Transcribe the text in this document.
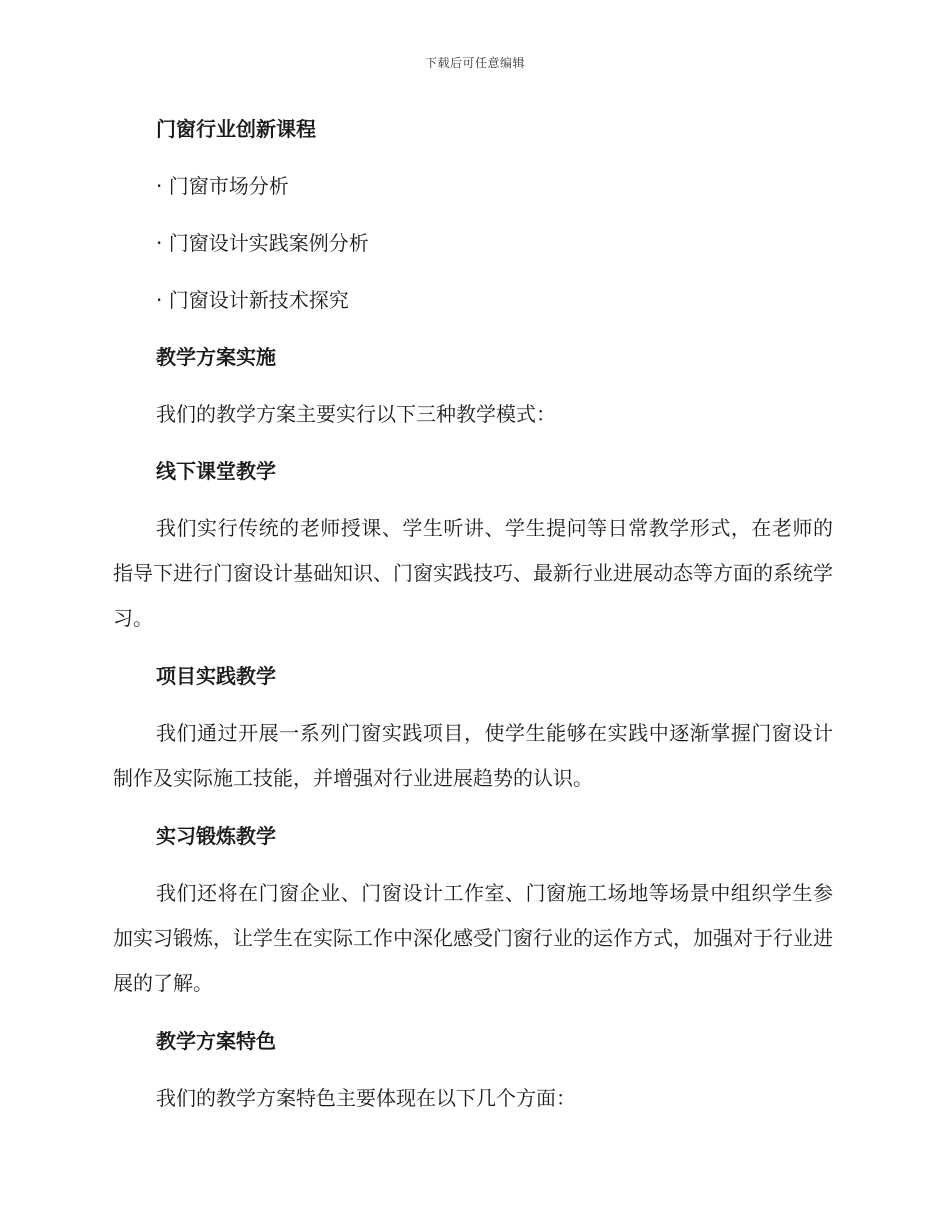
下载后可任意编辑

门窗行业创新课程

· 门窗市场分析

· 门窗设计实践案例分析

· 门窗设计新技术探究

教学方案实施

我们的教学方案主要实行以下三种教学模式：

线下课堂教学

我们实行传统的老师授课、学生听讲、学生提问等日常教学形式，在老师的指导下进行门窗设计基础知识、门窗实践技巧、最新行业进展动态等方面的系统学习。

项目实践教学

我们通过开展一系列门窗实践项目，使学生能够在实践中逐渐掌握门窗设计制作及实际施工技能，并增强对行业进展趋势的认识。

实习锻炼教学

我们还将在门窗企业、门窗设计工作室、门窗施工场地等场景中组织学生参加实习锻炼，让学生在实际工作中深化感受门窗行业的运作方式，加强对于行业进展的了解。

教学方案特色

我们的教学方案特色主要体现在以下几个方面：
